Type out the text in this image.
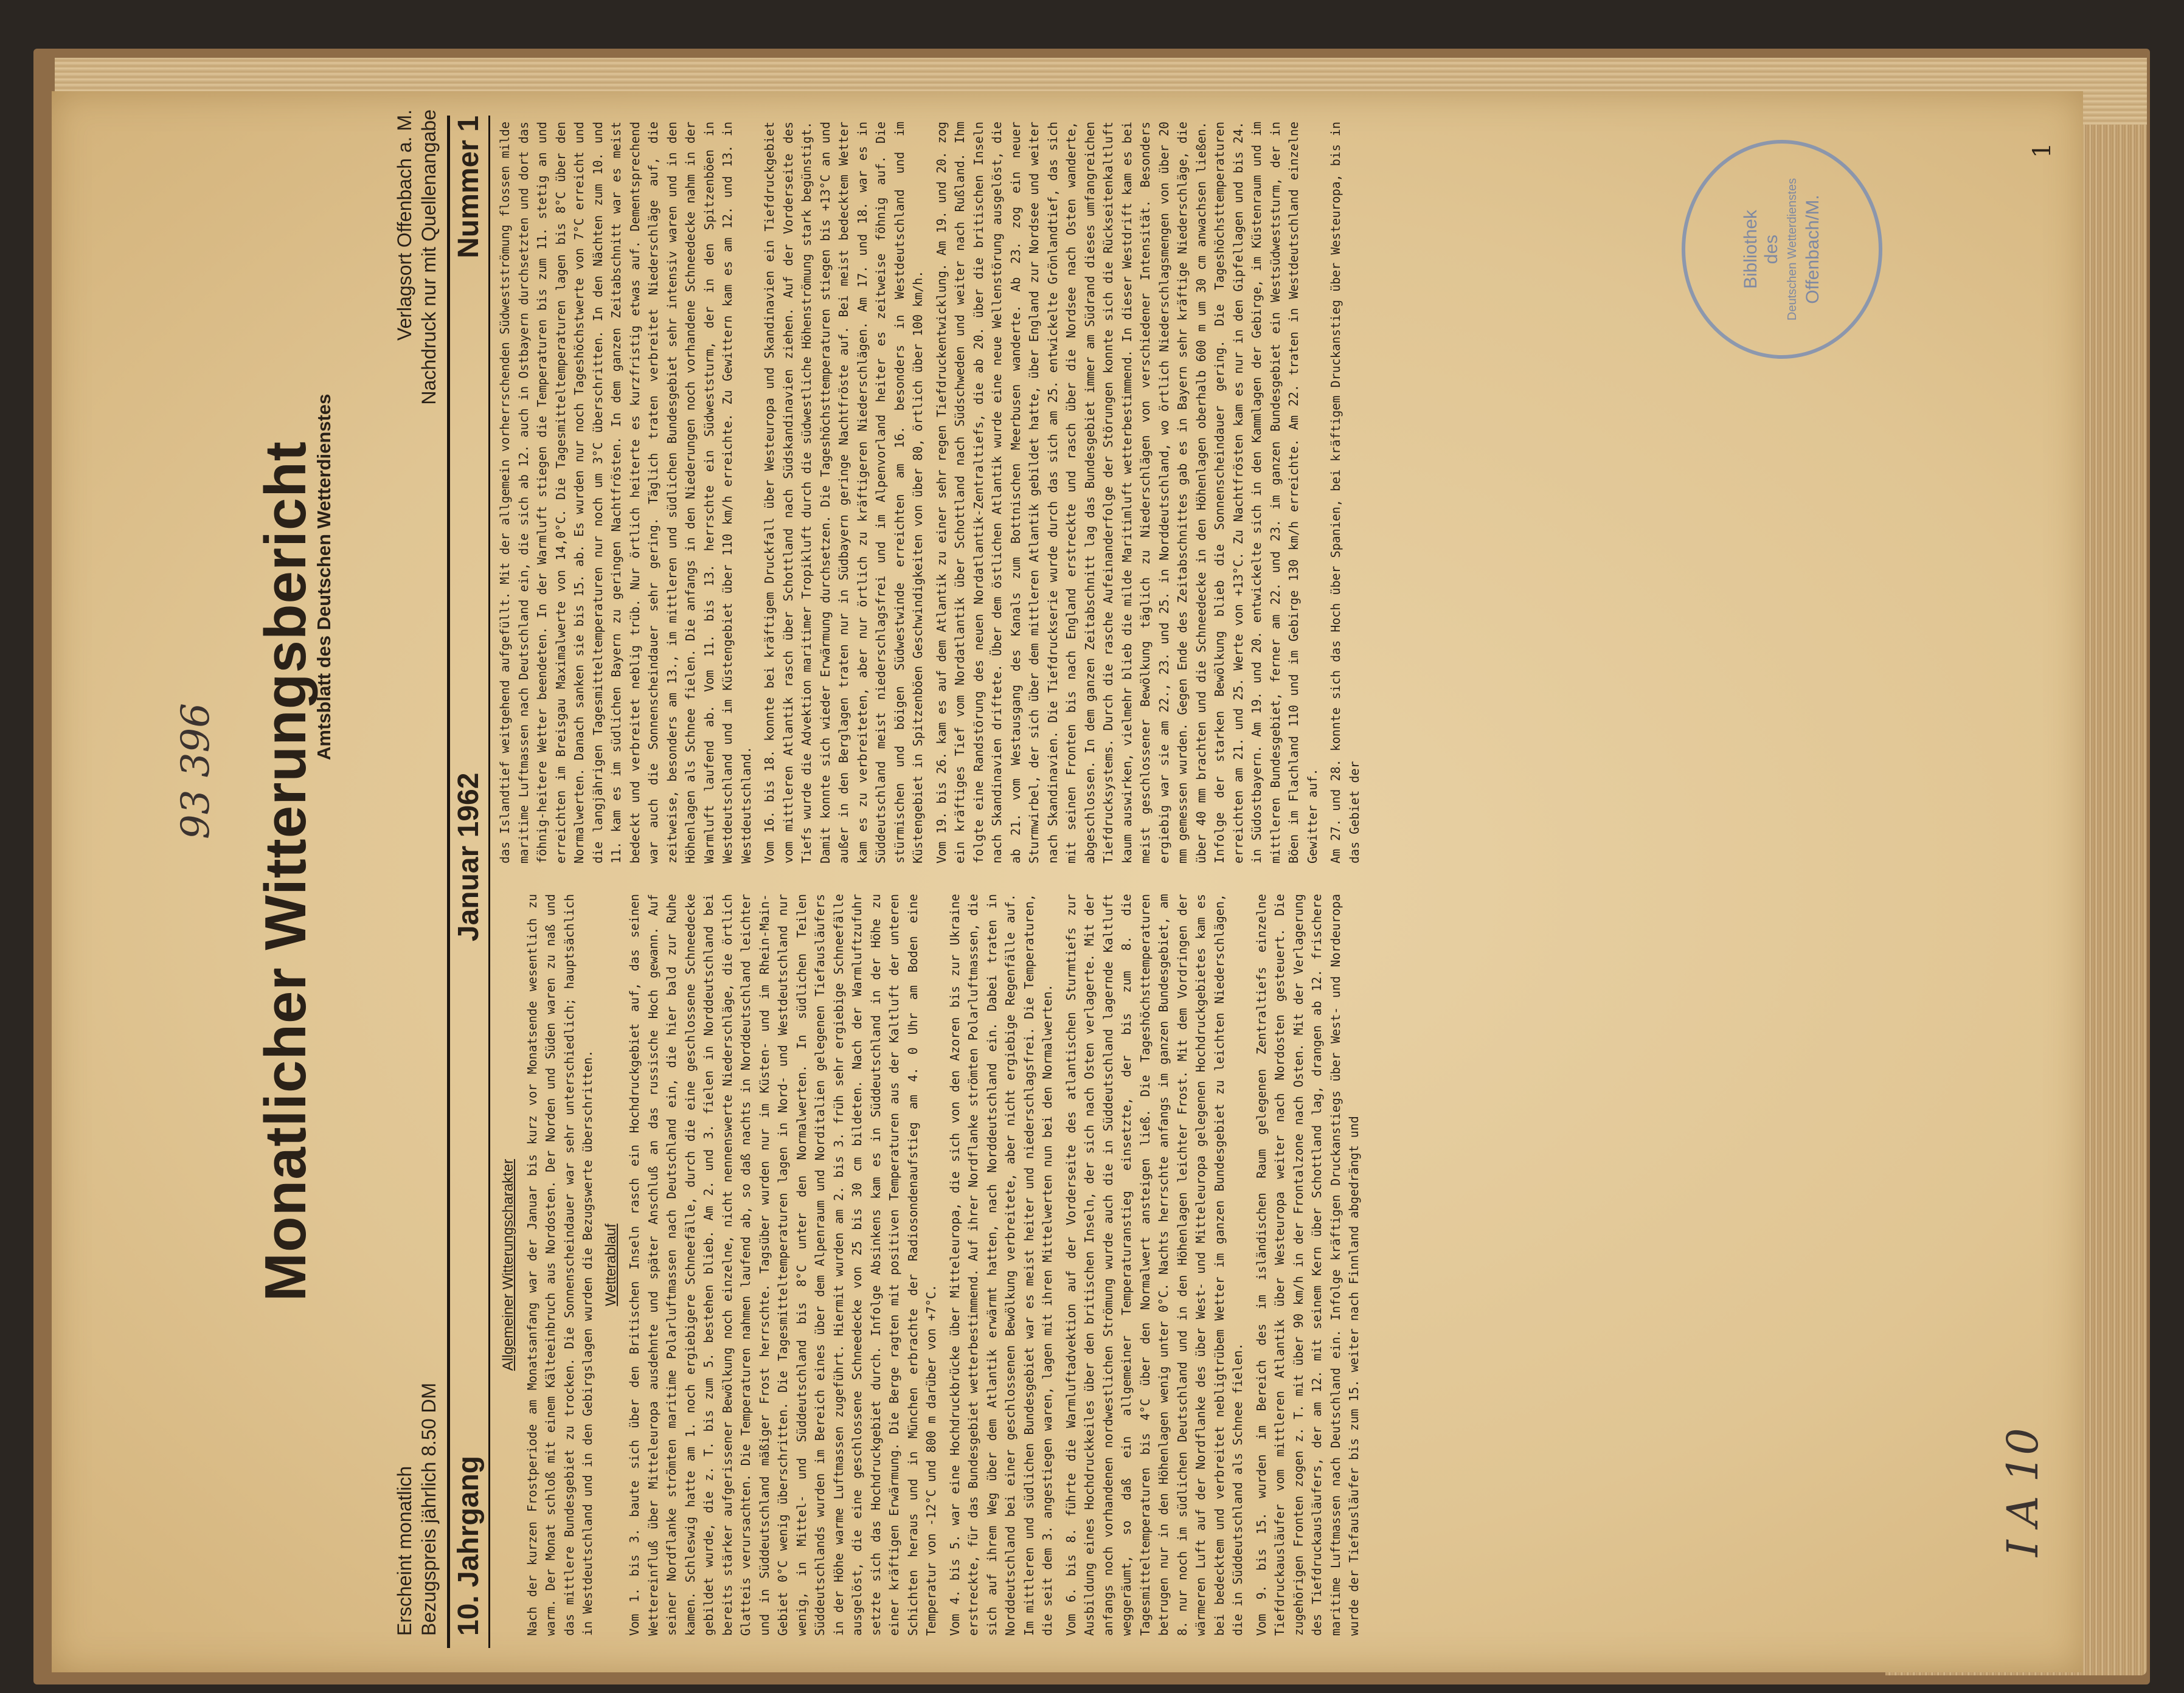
Erscheint monatlich Bezugspreis jährlich 8.50 DM
Monatlicher Witterungsbericht
Amtsblatt des Deutschen Wetterdienstes
Verlagsort Offenbach a. M. Nachdruck nur mit Quellenangabe
10. Jahrgang
Januar 1962
Nummer 1
Allgemeiner Witterungscharakter Nach der kurzen Frostperiode am Monatsanfang war der Januar bis kurz vor Monatsende wesentlich zu warm. Der Monat schloß mit einem Kälteeinbruch aus Nordosten. Der Norden und Süden waren zu naß und das mittlere Bundesgebiet zu trocken. Die Sonnenscheindauer war sehr unterschiedlich; hauptsächlich in Westdeutschland und in den Gebirgslagen wurden die Bezugswerte überschritten. Wetterablauf Vom 1. bis 3. baute sich über den Britischen Inseln rasch ein Hochdruckgebiet auf, das seinen Wettereinfluß über Mitteleuropa ausdehnte und später Anschluß an das russische Hoch gewann. Auf seiner Nordflanke strömten maritime Polarluftmassen nach Deutschland ein, die hier bald zur Ruhe kamen. Schleswig hatte am 1. noch ergiebigere Schneefälle, durch die eine geschlossene Schneedecke gebildet wurde, die z. T. bis zum 5. bestehen blieb. Am 2. und 3. fielen in Norddeutschland bei bereits stärker aufgerissener Bewölkung noch einzelne, nicht nennenswerte Niederschläge, die örtlich Glatteis verursachten. Die Temperaturen nahmen laufend ab, so daß nachts in Norddeutschland leichter und in Süddeutschland mäßiger Frost herrschte. Tagsüber wurden nur im Küsten- und im Rhein-Main-Gebiet 0°C wenig überschritten. Die Tagesmitteltemperaturen lagen in Nord- und Westdeutschland nur wenig, in Mittel- und Süddeutschland bis 8°C unter den Normalwerten. In südlichen Teilen Süddeutschlands wurden im Bereich eines über dem Alpenraum und Norditalien gelegenen Tiefausläufers in der Höhe warme Luftmassen zugeführt. Hiermit wurden am 2. bis 3. früh sehr ergiebige Schneefälle ausgelöst, die eine geschlossene Schneedecke von 25 bis 30 cm bildeten. Nach der Warmluftzufuhr setzte sich das Hochdruckgebiet durch. Infolge Absinkens kam es in Süddeutschland in der Höhe zu einer kräftigen Erwärmung. Die Berge ragten mit positiven Temperaturen aus der Kaltluft der unteren Schichten heraus und in München erbrachte der Radiosondenaufstieg am 4. 0 Uhr am Boden eine Temperatur von -12°C und 800 m darüber von +7°C. Vom 4. bis 5. war eine Hochdruckbrücke über Mitteleuropa, die sich von den Azoren bis zur Ukraine erstreckte, für das Bundesgebiet wetterbestimmend. Auf ihrer Nordflanke strömten Polarluftmassen, die sich auf ihrem Weg über dem Atlantik erwärmt hatten, nach Norddeutschland ein. Dabei traten in Norddeutschland bei einer geschlossenen Bewölkung verbreitete, aber nicht ergiebige Regenfälle auf. Im mittleren und südlichen Bundesgebiet war es meist heiter und niederschlagsfrei. Die Temperaturen, die seit dem 3. angestiegen waren, lagen mit ihren Mittelwerten nun bei den Normalwerten. Vom 6. bis 8. führte die Warmluftadvektion auf der Vorderseite des atlantischen Sturmtiefs zur Ausbildung eines Hochdruckkeiles über den britischen Inseln, der sich nach Osten verlagerte. Mit der anfangs noch vorhandenen nordwestlichen Strömung wurde auch die in Süddeutschland lagernde Kaltluft weggeräumt, so daß ein allgemeiner Temperaturanstieg einsetzte, der bis zum 8. die Tagesmitteltemperaturen bis 4°C über den Normalwert ansteigen ließ. Die Tageshöchsttemperaturen betrugen nur in den Höhenlagen wenig unter 0°C. Nachts herrschte anfangs im ganzen Bundesgebiet, am 8. nur noch im südlichen Deutschland und in den Höhenlagen leichter Frost. Mit dem Vordringen der wärmeren Luft auf der Nordflanke des über West- und Mitteleuropa gelegenen Hochdruckgebietes kam es bei bedecktem und verbreitet nebligtrübem Wetter im ganzen Bundesgebiet zu leichten Niederschlägen, die in Süddeutschland als Schnee fielen. Vom 9. bis 15. wurden im Bereich des im isländischen Raum gelegenen Zentraltiefs einzelne Tiefdruckausläufer vom mittleren Atlantik über Westeuropa weiter nach Nordosten gesteuert. Die zugehörigen Fronten zogen z. T. mit über 90 km/h in der Frontalzone nach Osten. Mit der Verlagerung des Tiefdruckausläufers, der am 12. mit seinem Kern über Schottland lag, drangen ab 12. frischere maritime Luftmassen nach Deutschland ein. Infolge kräftigen Druckanstiegs über West- und Nordeuropa wurde der Tiefausläufer bis zum 15. weiter nach Finnland abgedrängt und

das Islandtief weitgehend aufgefüllt. Mit der allgemein vorherrschenden Südwestströmung flossen milde maritime Luftmassen nach Deutschland ein, die sich ab 12. auch in Ostbayern durchsetzten und dort das föhnig-heitere Wetter beendeten. In der Warmluft stiegen die Temperaturen bis zum 11. stetig an und erreichten im Breisgau Maximalwerte von 14,0°C. Die Tagesmitteltemperaturen lagen bis 8°C über den Normalwerten. Danach sanken sie bis 15. ab. Es wurden nur noch Tageshöchstwerte von 7°C erreicht und die langjährigen Tagesmitteltemperaturen nur noch um 3°C überschritten. In den Nächten zum 10. und 11. kam es im südlichen Bayern zu geringen Nachtfrösten. In dem ganzen Zeitabschnitt war es meist bedeckt und verbreitet neblig trüb. Nur örtlich heiterte es kurzfristig etwas auf. Dementsprechend war auch die Sonnenscheindauer sehr gering. Täglich traten verbreitet Niederschläge auf, die zeitweise, besonders am 13., im mittleren und südlichen Bundesgebiet sehr intensiv waren und in den Höhenlagen als Schnee fielen. Die anfangs in den Niederungen noch vorhandene Schneedecke nahm in der Warmluft laufend ab. Vom 11. bis 13. herrschte ein Südweststurm, der in den Spitzenböen in Westdeutschland und im Küstengebiet über 110 km/h erreichte. Zu Gewittern kam es am 12. und 13. in Westdeutschland. Vom 16. bis 18. konnte bei kräftigem Druckfall über Westeuropa und Skandinavien ein Tiefdruckgebiet vom mittleren Atlantik rasch über Schottland nach Südskandinavien ziehen. Auf der Vorderseite des Tiefs wurde die Advektion maritimer Tropikluft durch die südwestliche Höhenströmung stark begünstigt. Damit konnte sich wieder Erwärmung durchsetzen. Die Tageshöchsttemperaturen stiegen bis +13°C an und außer in den Berglagen traten nur in Südbayern geringe Nachtfröste auf. Bei meist bedecktem Wetter kam es zu verbreiteten, aber nur örtlich zu kräftigeren Niederschlägen. Am 17. und 18. war es in Süddeutschland meist niederschlagsfrei und im Alpenvorland heiter es zeitweise föhnig auf. Die stürmischen und böigen Südwestwinde erreichten am 16. besonders in Westdeutschland und im Küstengebiet in Spitzenböen Geschwindigkeiten von über 80, örtlich über 100 km/h. Vom 19. bis 26. kam es auf dem Atlantik zu einer sehr regen Tiefdruckentwicklung. Am 19. und 20. zog ein kräftiges Tief vom Nordatlantik über Schottland nach Südschweden und weiter nach Rußland. Ihm folgte eine Randstörung des neuen Nordatlantik-Zentraltiefs, die ab 20. über die britischen Inseln nach Skandinavien driftete. Über dem östlichen Atlantik wurde eine neue Wellenstörung ausgelöst, die ab 21. vom Westausgang des Kanals zum Bottnischen Meerbusen wanderte. Ab 23. zog ein neuer Sturmwirbel, der sich über dem mittleren Atlantik gebildet hatte, über England zur Nordsee und weiter nach Skandinavien. Die Tiefdruckserie wurde durch das sich am 25. entwickelte Grönlandtief, das sich mit seinen Fronten bis nach England erstreckte und rasch über die Nordsee nach Osten wanderte, abgeschlossen. In dem ganzen Zeitabschnitt lag das Bundesgebiet immer am Südrand dieses umfangreichen Tiefdrucksystems. Durch die rasche Aufeinanderfolge der Störungen konnte sich die Rückseitenkaltluft kaum auswirken, vielmehr blieb die milde Maritimluft wetterbestimmend. In dieser Westdrift kam es bei meist geschlossener Bewölkung täglich zu Niederschlägen von verschiedener Intensität. Besonders ergiebig war sie am 22., 23. und 25. in Norddeutschland, wo örtlich Niederschlagsmengen von über 20 mm gemessen wurden. Gegen Ende des Zeitabschnittes gab es in Bayern sehr kräftige Niederschläge, die über 40 mm brachten und die Schneedecke in den Höhenlagen oberhalb 600 m um 30 cm anwachsen ließen. Infolge der starken Bewölkung blieb die Sonnenscheindauer gering. Die Tageshöchsttemperaturen erreichten am 21. und 25. Werte von +13°C. Zu Nachtfrösten kam es nur in den Gipfellagen und bis 24. in Südostbayern. Am 19. und 20. entwickelte sich in den Kammlagen der Gebirge, im Küstenraum und im mittleren Bundesgebiet, ferner am 22. und 23. im ganzen Bundesgebiet ein Westsüdweststurm, der in Böen im Flachland 110 und im Gebirge 130 km/h erreichte. Am 22. traten in Westdeutschland einzelne Gewitter auf. Am 27. und 28. konnte sich das Hoch über Spanien, bei kräftigem Druckanstieg über Westeuropa, bis in das Gebiet der

Bibliothek des Deutschen Wetterdienstes Offenbach/M.
93 396
I A 10
1
